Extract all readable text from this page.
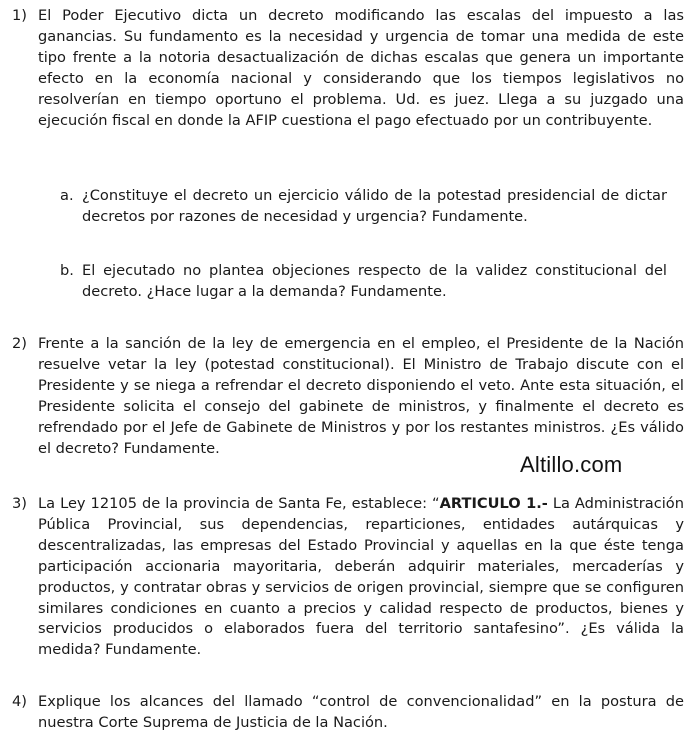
1) El Poder Ejecutivo dicta un decreto modificando las escalas del impuesto a las ganancias. Su fundamento es la necesidad y urgencia de tomar una medida de este tipo frente a la notoria desactualización de dichas escalas que genera un importante efecto en la economía nacional y considerando que los tiempos legislativos no resolverían en tiempo oportuno el problema. Ud. es juez. Llega a su juzgado una ejecución fiscal en donde la AFIP cuestiona el pago efectuado por un contribuyente.
a. ¿Constituye el decreto un ejercicio válido de la potestad presidencial de dictar decretos por razones de necesidad y urgencia? Fundamente.
b. El ejecutado no plantea objeciones respecto de la validez constitucional del decreto. ¿Hace lugar a la demanda? Fundamente.
2) Frente a la sanción de la ley de emergencia en el empleo, el Presidente de la Nación resuelve vetar la ley (potestad constitucional). El Ministro de Trabajo discute con el Presidente y se niega a refrendar el decreto disponiendo el veto. Ante esta situación, el Presidente solicita el consejo del gabinete de ministros, y finalmente el decreto es refrendado por el Jefe de Gabinete de Ministros y por los restantes ministros. ¿Es válido el decreto? Fundamente.
Altillo.com
3) La Ley 12105 de la provincia de Santa Fe, establece: “ARTICULO 1.- La Administración Pública Provincial, sus dependencias, reparticiones, entidades autárquicas y descentralizadas, las empresas del Estado Provincial y aquellas en la que éste tenga participación accionaria mayoritaria, deberán adquirir materiales, mercaderías y productos, y contratar obras y servicios de origen provincial, siempre que se configuren similares condiciones en cuanto a precios y calidad respecto de productos, bienes y servicios producidos o elaborados fuera del territorio santafesino”. ¿Es válida la medida? Fundamente.
4) Explique los alcances del llamado “control de convencionalidad” en la postura de nuestra Corte Suprema de Justicia de la Nación.
